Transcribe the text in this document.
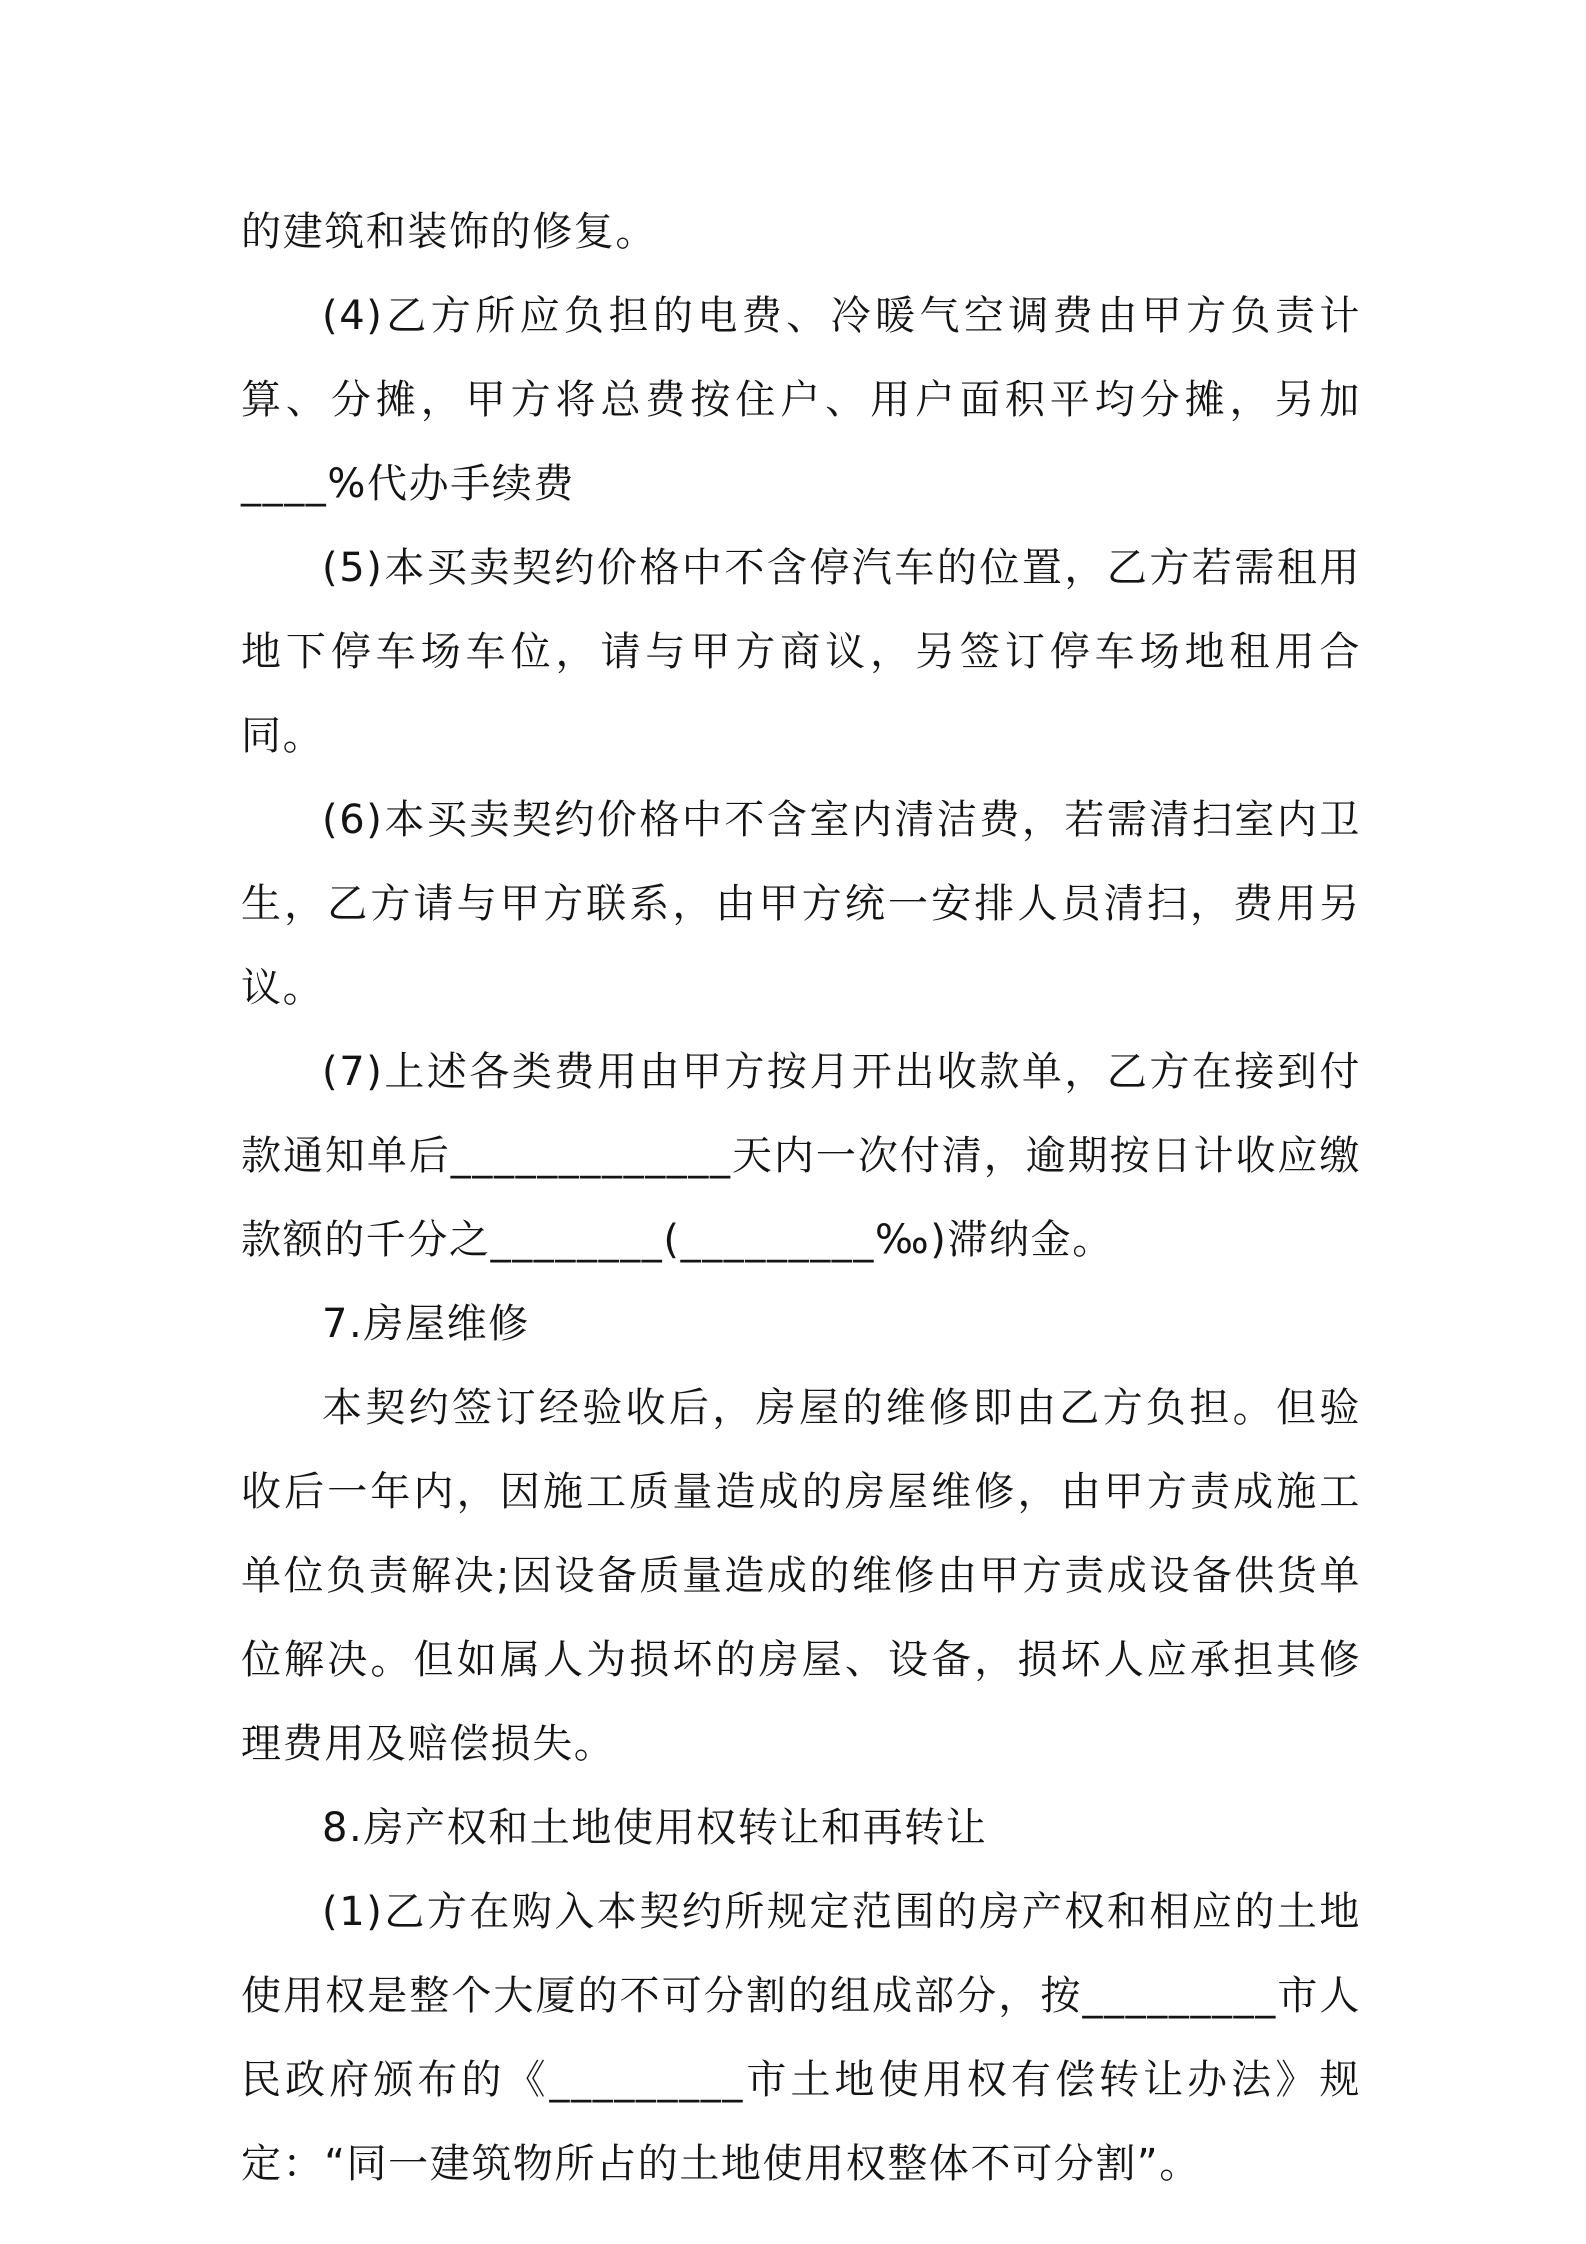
的建筑和装饰的修复。

(4)乙方所应负担的电费、冷暖气空调费由甲方负责计算、分摊，甲方将总费按住户、用户面积平均分摊，另加____%代办手续费

(5)本买卖契约价格中不含停汽车的位置，乙方若需租用地下停车场车位，请与甲方商议，另签订停车场地租用合同。

(6)本买卖契约价格中不含室内清洁费，若需清扫室内卫生，乙方请与甲方联系，由甲方统一安排人员清扫，费用另议。

(7)上述各类费用由甲方按月开出收款单，乙方在接到付款通知单后_____________天内一次付清，逾期按日计收应缴款额的千分之________(_________‰)滞纳金。

7.房屋维修

本契约签订经验收后，房屋的维修即由乙方负担。但验收后一年内，因施工质量造成的房屋维修，由甲方责成施工单位负责解决;因设备质量造成的维修由甲方责成设备供货单位解决。但如属人为损坏的房屋、设备，损坏人应承担其修理费用及赔偿损失。

8.房产权和土地使用权转让和再转让

(1)乙方在购入本契约所规定范围的房产权和相应的土地使用权是整个大厦的不可分割的组成部分，按_________市人民政府颁布的《_________市土地使用权有偿转让办法》规定：“同一建筑物所占的土地使用权整体不可分割”。
